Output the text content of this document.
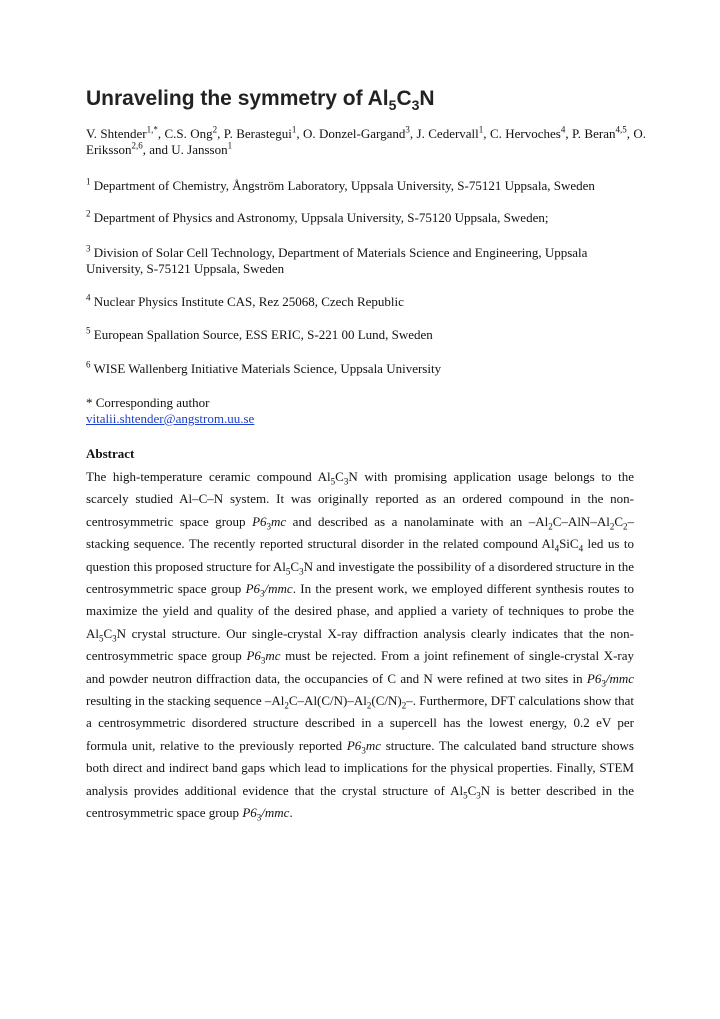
Unraveling the symmetry of $Al_5C_3N$
V. Shtender$^{1,*}$, C.S. Ong$^2$, P. Berastegui$^1$, O. Donzel-Gargand$^3$, J. Cedervall$^1$, C. Hervoches$^4$, P. Beran$^{4,5}$, O. Eriksson$^{2,6}$, and U. Jansson$^1$
$^1$ Department of Chemistry, Ångström Laboratory, Uppsala University, S-75121 Uppsala, Sweden
$^2$ Department of Physics and Astronomy, Uppsala University, S-75120 Uppsala, Sweden;
$^3$ Division of Solar Cell Technology, Department of Materials Science and Engineering, Uppsala University, S-75121 Uppsala, Sweden
$^4$ Nuclear Physics Institute CAS, Rez 25068, Czech Republic
$^5$ European Spallation Source, ESS ERIC, S-221 00 Lund, Sweden
$^6$ WISE Wallenberg Initiative Materials Science, Uppsala University
* Corresponding author
vitalii.shtender@angstrom.uu.se
Abstract

The high-temperature ceramic compound $Al_5C_3N$ with promising application usage belongs to the scarcely studied Al–C–N system. It was originally reported as an ordered compound in the non-centrosymmetric space group $P6_3mc$ and described as a nanolaminate with an $-Al_2C-AlN-Al_2C_2-$ stacking sequence. The recently reported structural disorder in the related compound $Al_4SiC_4$ led us to question this proposed structure for $Al_5C_3N$ and investigate the possibility of a disordered structure in the centrosymmetric space group $P6_3$/mmc. In the present work, we employed different synthesis routes to maximize the yield and quality of the desired phase, and applied a variety of techniques to probe the $Al_5C_3N$ crystal structure. Our single-crystal X-ray diffraction analysis clearly indicates that the non-centrosymmetric space group $P6_3mc$ must be rejected. From a joint refinement of single-crystal X-ray and powder neutron diffraction data, the occupancies of C and N were refined at two sites in $P6_3$/mmc resulting in the stacking sequence $-Al_2C-Al(C/N)-Al_2(C/N)_2-$. Furthermore, DFT calculations show that a centrosymmetric disordered structure described in a supercell has the lowest energy, 0.2 eV per formula unit, relative to the previously reported $P6_3mc$ structure. The calculated band structure shows both direct and indirect band gaps which lead to implications for the physical properties. Finally, STEM analysis provides additional evidence that the crystal structure of $Al_5C_3N$ is better described in the centrosymmetric space group $P6_3$/mmc.
